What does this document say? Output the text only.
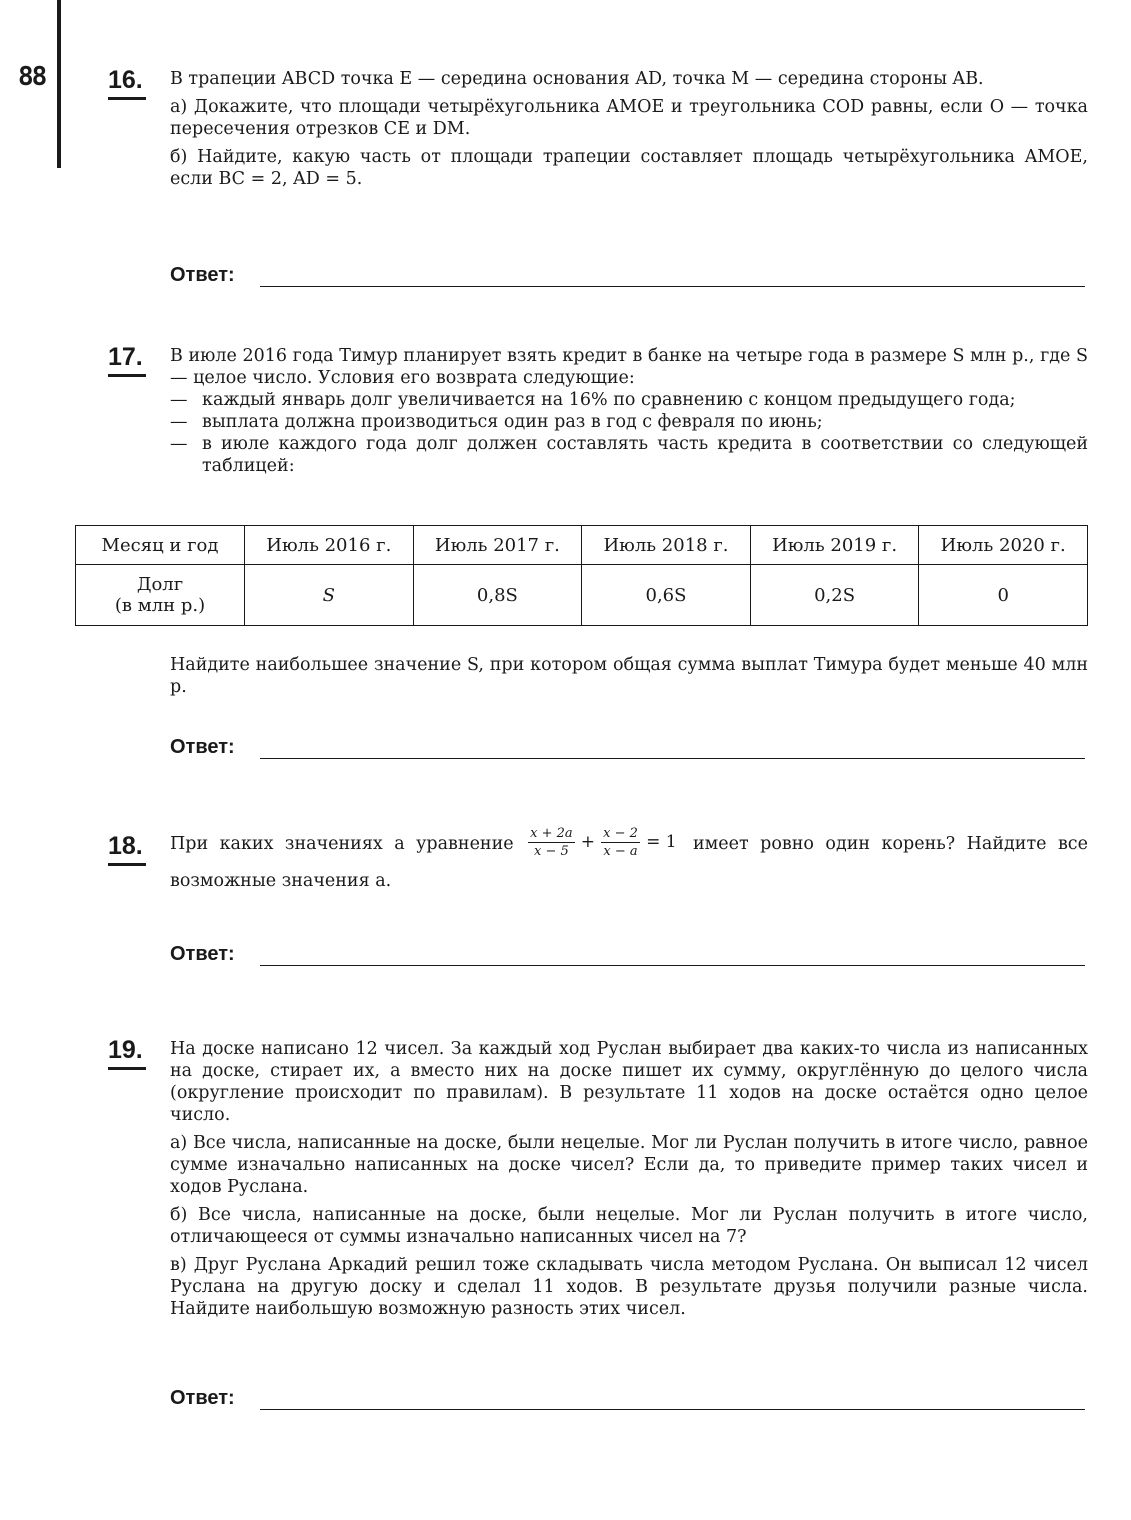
88	16. В трапеции ABCD точка E — середина основания AD, точка M — середина стороны AB.

а) Докажите, что площади четырёхугольника AMOE и треугольника COD равны, если O — точка пересечения отрезков CE и DM.

б) Найдите, какую часть от площади трапеции составляет площадь четырёхугольника AMOE, если BC = 2, AD = 5.

Ответ:
17. В июле 2016 года Тимур планирует взять кредит в банке на четыре года в размере S млн р., где S — целое число. Условия его возврата следующие:

— каждый январь долг увеличивается на 16% по сравнению с концом предыдущего года;
— выплата должна производиться один раз в год с февраля по июнь;
— в июле каждого года долг должен составлять часть кредита в соответствии со следующей таблицей:
Месяц и год	Июль 2016 г.	Июль 2017 г.	Июль 2018 г.	Июль 2019 г.	Июль 2020 г.
Долг
(в млн р.)	S	0,8S	0,6S	0,2S	0

Найдите наибольшее значение S, при котором общая сумма выплат Тимура будет меньше 40 млн р.

Ответ:
18. При каких значениях a уравнение $\frac{x + 2a}{x - 5} + \frac{x - 2}{x - a} = 1$ имеет ровно один корень? Найдите все возможные значения a.
Ответ:
19. На доске написано 12 чисел. За каждый ход Руслан выбирает два каких-то числа из написанных на доске, стирает их, а вместо них на доске пишет их сумму, округлённую до целого числа (округление происходит по правилам). В результате 11 ходов на доске остаётся одно целое число.

а) Все числа, написанные на доске, были нецелые. Мог ли Руслан получить в итоге число, равное сумме изначально написанных на доске чисел? Если да, то приведите пример таких чисел и ходов Руслана.

б) Все числа, написанные на доске, были нецелые. Мог ли Руслан получить в итоге число, отличающееся от суммы изначально написанных чисел на 7?

в) Друг Руслана Аркадий решил тоже складывать числа методом Руслана. Он выписал 12 чисел Руслана на другую доску и сделал 11 ходов. В результате друзья получили разные числа. Найдите наибольшую возможную разность этих чисел.

Ответ:
